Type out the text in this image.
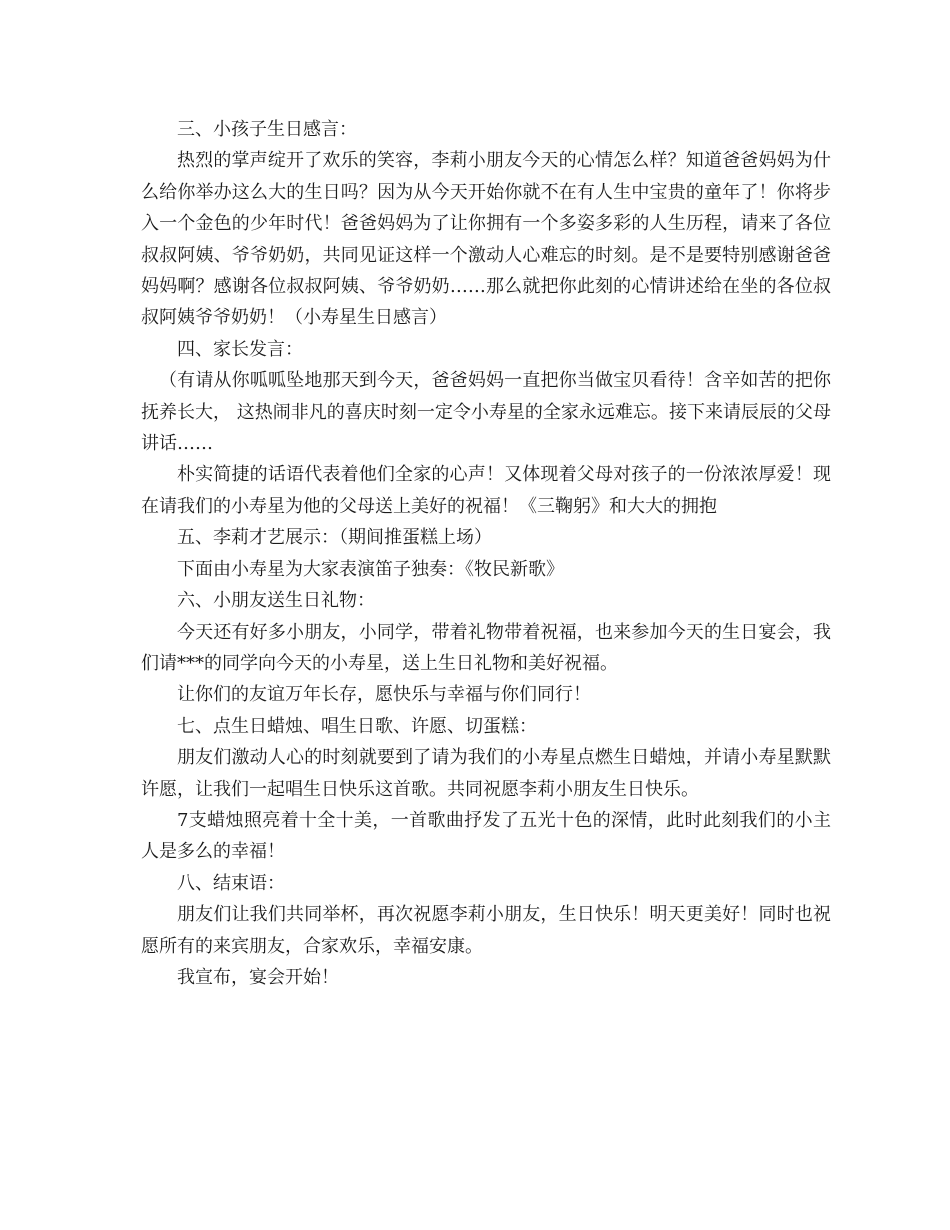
三、小孩子生日感言：

热烈的掌声绽开了欢乐的笑容，李莉小朋友今天的心情怎么样？知道爸爸妈妈为什么给你举办这么大的生日吗？因为从今天开始你就不在有人生中宝贵的童年了！你将步入一个金色的少年时代！爸爸妈妈为了让你拥有一个多姿多彩的人生历程，请来了各位叔叔阿姨、爷爷奶奶，共同见证这样一个激动人心难忘的时刻。是不是要特别感谢爸爸妈妈啊？感谢各位叔叔阿姨、爷爷奶奶……那么就把你此刻的心情讲述给在坐的各位叔叔阿姨爷爷奶奶！（小寿星生日感言）

四、家长发言：

（有请从你呱呱坠地那天到今天，爸爸妈妈一直把你当做宝贝看待！含辛如苦的把你抚养长大， 这热闹非凡的喜庆时刻一定令小寿星的全家永远难忘。接下来请辰辰的父母讲话……

朴实简捷的话语代表着他们全家的心声！又体现着父母对孩子的一份浓浓厚爱！现在请我们的小寿星为他的父母送上美好的祝福！《三鞠躬》和大大的拥抱

五、李莉才艺展示：（期间推蛋糕上场）

下面由小寿星为大家表演笛子独奏：《牧民新歌》

六、小朋友送生日礼物：

今天还有好多小朋友，小同学，带着礼物带着祝福，也来参加今天的生日宴会，我们请***的同学向今天的小寿星，送上生日礼物和美好祝福。

让你们的友谊万年长存，愿快乐与幸福与你们同行！

七、点生日蜡烛、唱生日歌、许愿、切蛋糕：

朋友们激动人心的时刻就要到了请为我们的小寿星点燃生日蜡烛，并请小寿星默默许愿，让我们一起唱生日快乐这首歌。共同祝愿李莉小朋友生日快乐。

7支蜡烛照亮着十全十美，一首歌曲抒发了五光十色的深情，此时此刻我们的小主人是多么的幸福！

八、结束语：

朋友们让我们共同举杯，再次祝愿李莉小朋友，生日快乐！明天更美好！同时也祝愿所有的来宾朋友，合家欢乐，幸福安康。

我宣布，宴会开始！
